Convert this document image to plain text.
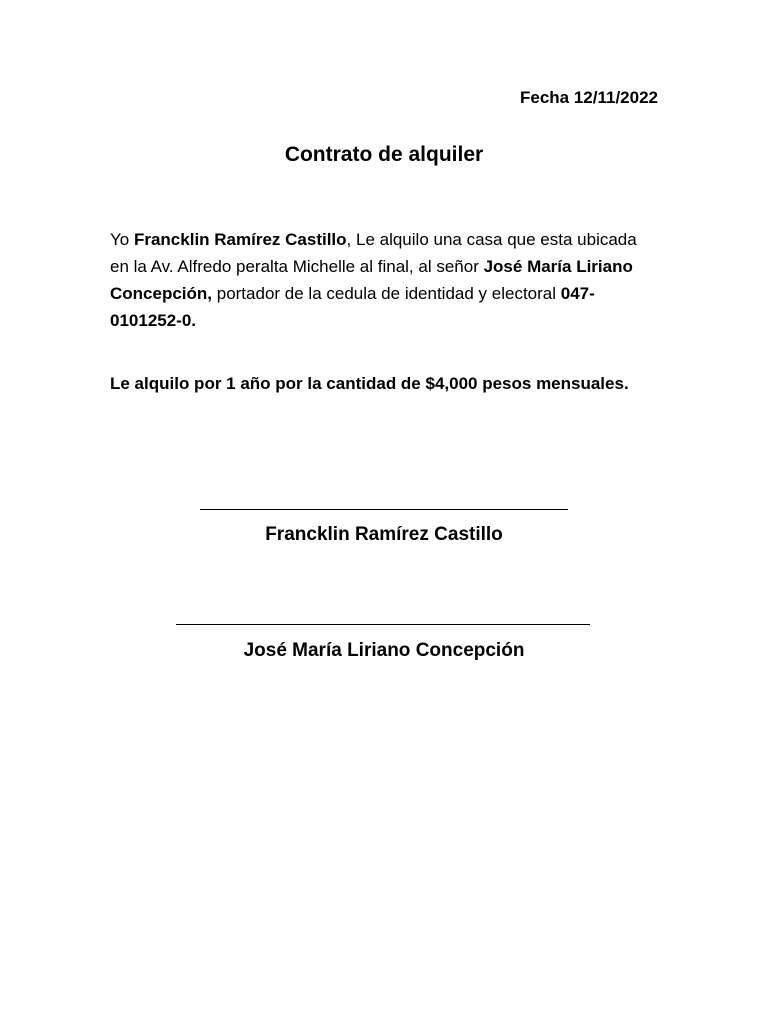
Fecha 12/11/2022
Contrato de alquiler
Yo Francklin Ramírez Castillo, Le alquilo una casa que esta ubicada en la Av. Alfredo peralta Michelle al final, al señor José María Liriano Concepción, portador de la cedula de identidad y electoral 047-0101252-0.
Le alquilo por 1 año por la cantidad de $4,000 pesos mensuales.
Francklin Ramírez Castillo
José María Liriano Concepción
